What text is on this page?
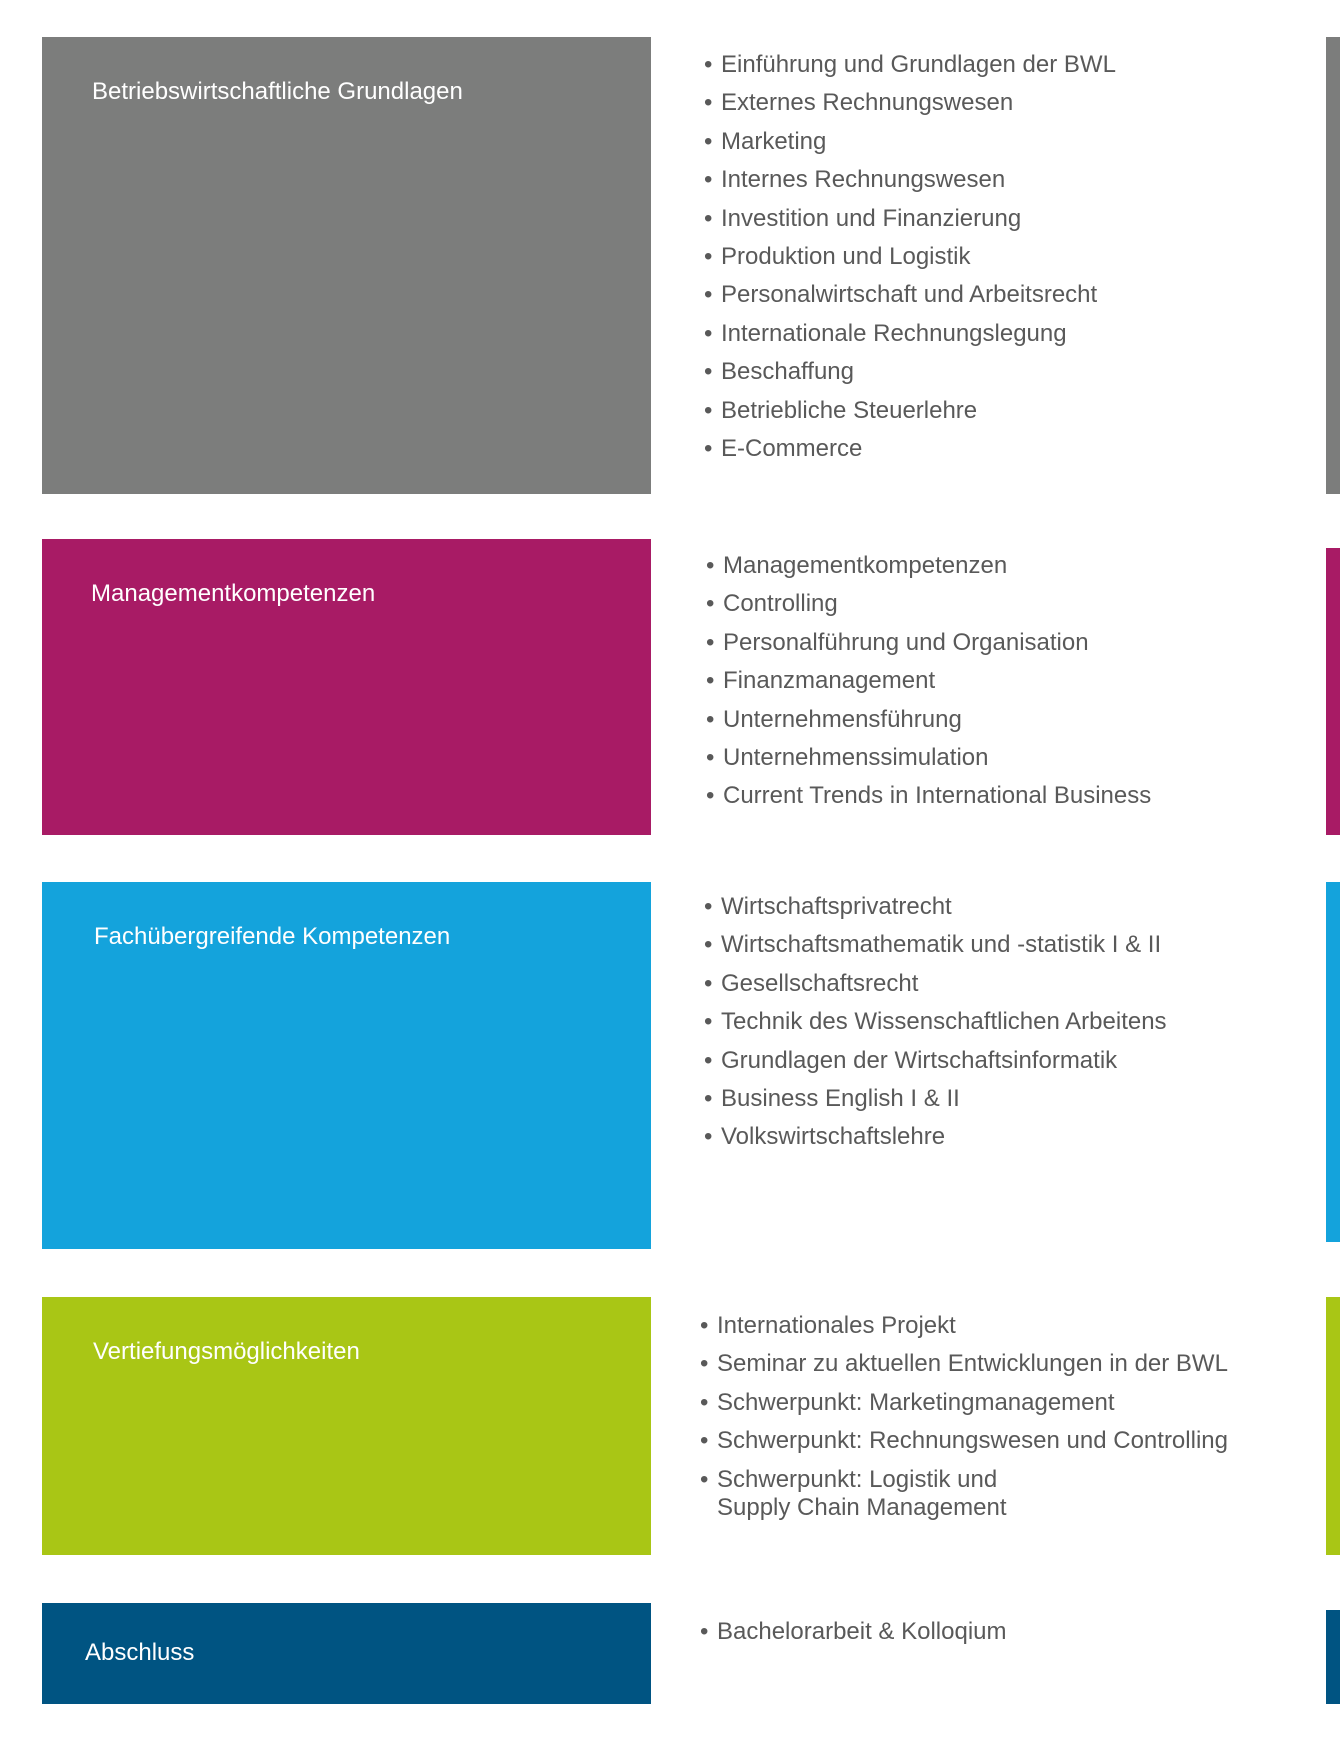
Betriebswirtschaftliche Grundlagen
• Einführung und Grundlagen der BWL
• Externes Rechnungswesen
• Marketing
• Internes Rechnungswesen
• Investition und Finanzierung
• Produktion und Logistik
• Personalwirtschaft und Arbeitsrecht
• Internationale Rechnungslegung
• Beschaffung
• Betriebliche Steuerlehre
• E-Commerce
Managementkompetenzen
• Managementkompetenzen
• Controlling
• Personalführung und Organisation
• Finanzmanagement
• Unternehmensführung
• Unternehmenssimulation
• Current Trends in International Business
Fachübergreifende Kompetenzen
• Wirtschaftsprivatrecht
• Wirtschaftsmathematik und -statistik I & II
• Gesellschaftsrecht
• Technik des Wissenschaftlichen Arbeitens
• Grundlagen der Wirtschaftsinformatik
• Business English I & II
• Volkswirtschaftslehre
Vertiefungsmöglichkeiten
• Internationales Projekt
• Seminar zu aktuellen Entwicklungen in der BWL
• Schwerpunkt: Marketingmanagement
• Schwerpunkt: Rechnungswesen und Controlling
• Schwerpunkt: Logistik und
Supply Chain Management
Abschluss
• Bachelorarbeit & Kolloqium
